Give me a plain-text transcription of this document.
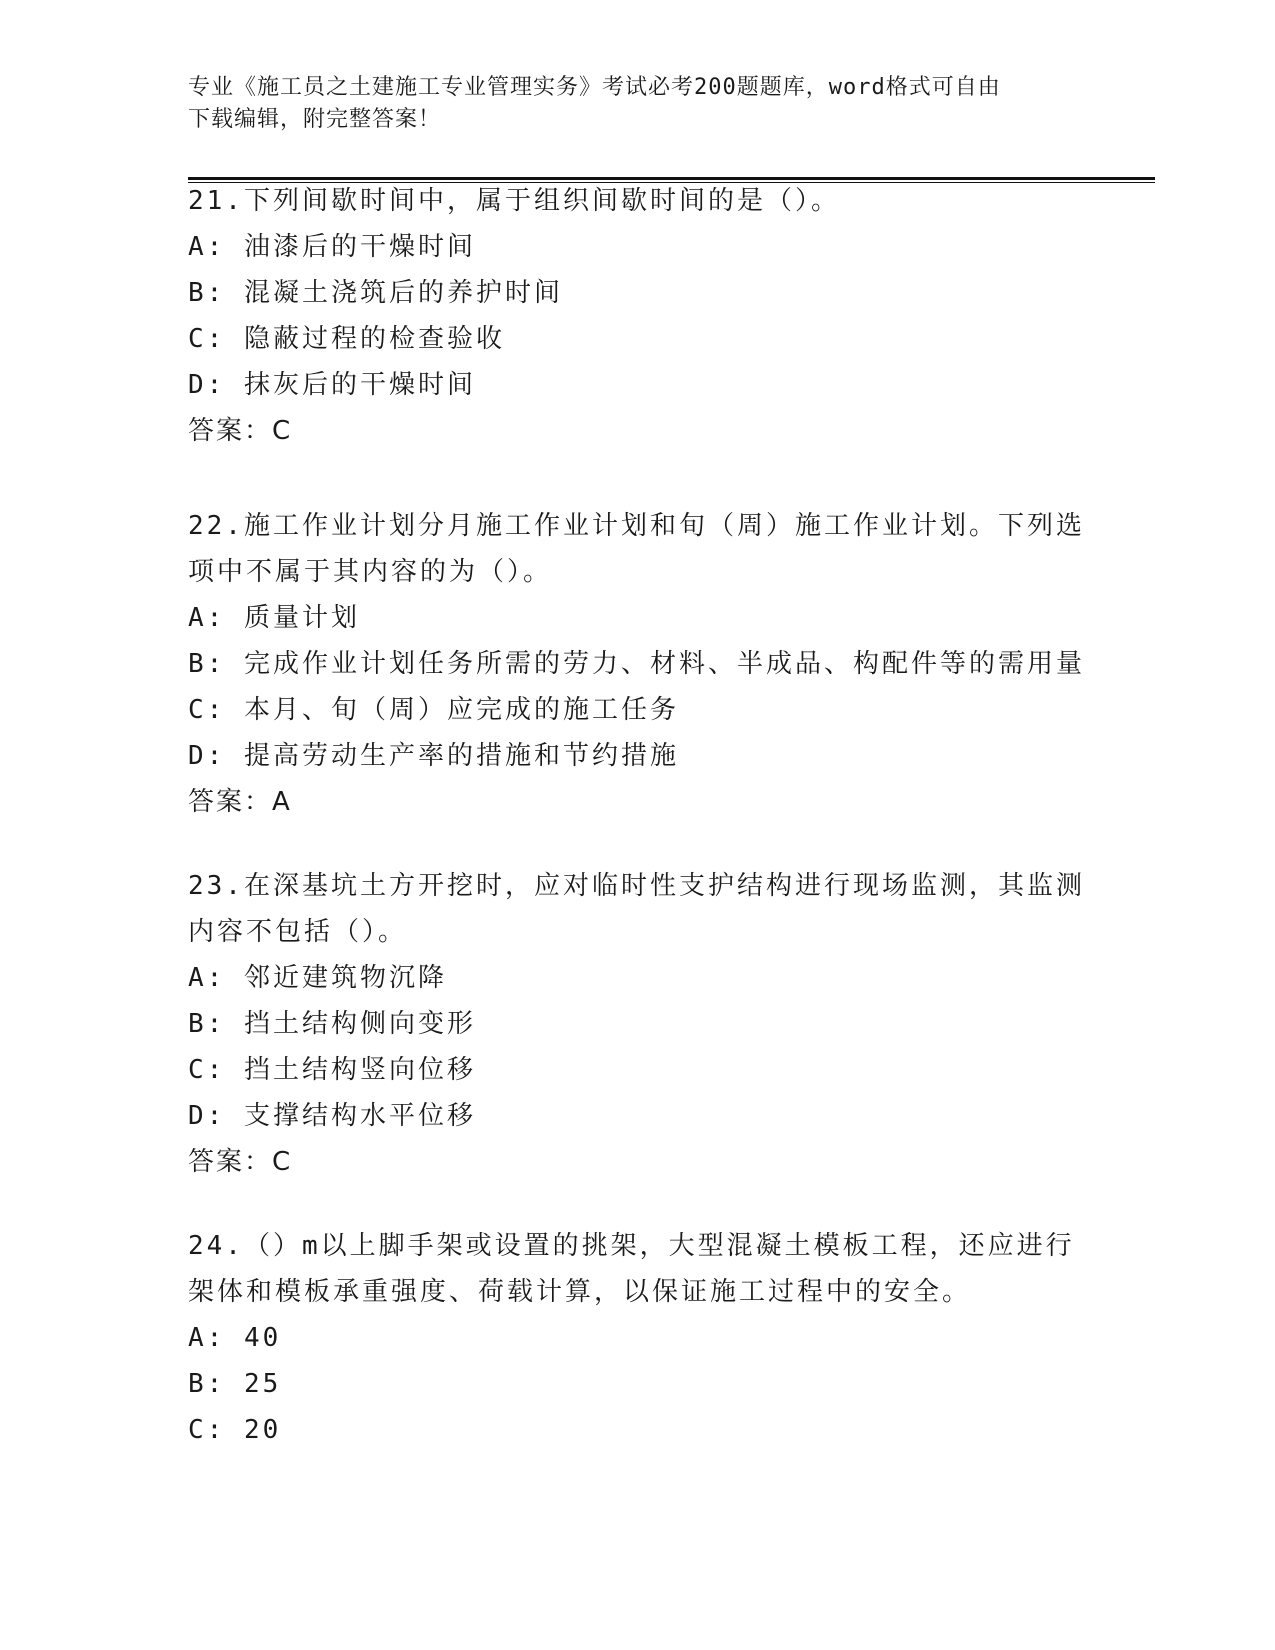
专业《施工员之土建施工专业管理实务》考试必考200题题库，word格式可自由
下载编辑，附完整答案！
21.下列间歇时间中，属于组织间歇时间的是（）。
A: 油漆后的干燥时间
B: 混凝土浇筑后的养护时间
C: 隐蔽过程的检查验收
D: 抹灰后的干燥时间
答案：C
22.施工作业计划分月施工作业计划和旬（周）施工作业计划。下列选
项中不属于其内容的为（）。
A: 质量计划
B: 完成作业计划任务所需的劳力、材料、半成品、构配件等的需用量
C: 本月、旬（周）应完成的施工任务
D: 提高劳动生产率的措施和节约措施
答案：A
23.在深基坑土方开挖时，应对临时性支护结构进行现场监测，其监测
内容不包括（）。
A: 邻近建筑物沉降
B: 挡土结构侧向变形
C: 挡土结构竖向位移
D: 支撑结构水平位移
答案：C
24.（）m以上脚手架或设置的挑架，大型混凝土模板工程，还应进行
架体和模板承重强度、荷载计算，以保证施工过程中的安全。
A: 40
B: 25
C: 20
